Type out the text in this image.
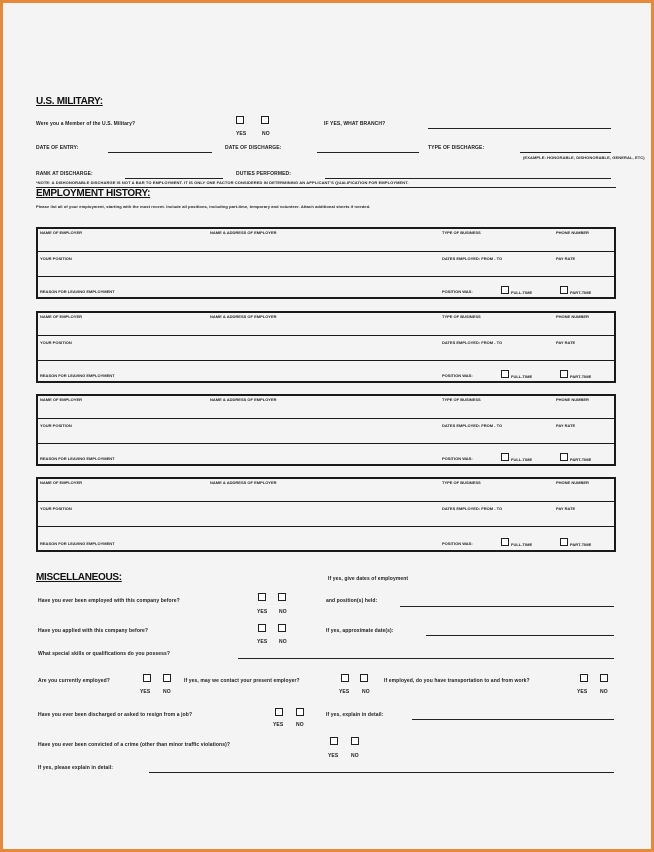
U.S. MILITARY:
Were you a Member of the U.S. Military?
YES	NO
IF YES, WHAT BRANCH?
DATE OF ENTRY:	DATE OF DISCHARGE:	TYPE OF DISCHARGE:
(EXAMPLE: HONORABLE, DISHONORABLE, GENERAL, ETC)
RANK AT DISCHARGE:	DUTIES PERFORMED:
*NOTE: A DISHONORABLE DISCHARGE IS NOT A BAR TO EMPLOYMENT. IT IS ONLY ONE FACTOR CONSIDERED IN DETERMINING AN APPLICANT'S QUALIFICATION FOR EMPLOYMENT.
EMPLOYMENT HISTORY:
Please list all of your employment, starting with the most recent. Include all positions, including part-time, temporary and volunteer. Attach additional sheets if needed.
NAME OF EMPLOYER	NAME & ADDRESS OF EMPLOYER	TYPE OF BUSINESS	PHONE NUMBER
YOUR POSITION	DATES EMPLOYED: FROM - TO	PAY RATE
REASON FOR LEAVING EMPLOYMENT	POSITION WAS:	FULL-TIME	PART-TIME
NAME OF EMPLOYER	NAME & ADDRESS OF EMPLOYER	TYPE OF BUSINESS	PHONE NUMBER
YOUR POSITION	DATES EMPLOYED: FROM - TO	PAY RATE
REASON FOR LEAVING EMPLOYMENT	POSITION WAS:	FULL-TIME	PART-TIME
NAME OF EMPLOYER	NAME & ADDRESS OF EMPLOYER	TYPE OF BUSINESS	PHONE NUMBER
YOUR POSITION	DATES EMPLOYED: FROM - TO	PAY RATE
REASON FOR LEAVING EMPLOYMENT	POSITION WAS:	FULL-TIME	PART-TIME
NAME OF EMPLOYER	NAME & ADDRESS OF EMPLOYER	TYPE OF BUSINESS	PHONE NUMBER
YOUR POSITION	DATES EMPLOYED: FROM - TO	PAY RATE
REASON FOR LEAVING EMPLOYMENT	POSITION WAS:	FULL-TIME	PART-TIME
MISCELLANEOUS:	If yes, give dates of employment
Have you ever been employed with this company before?
YES NO
and position(s) held:
Have you applied with this company before?
YES NO
If yes, approximate date(s):
What special skills or qualifications do you possess?
Are you currently employed?
YES	NO
If yes, may we contact your present employer?
YES	NO
If employed, do you have transportation to and from work?
YES	NO
Have you ever been discharged or asked to resign from a job?
YES	NO
If yes, explain in detail:
Have you ever been convicted of a crime (other than minor traffic violations)?
YES	NO
If yes, please explain in detail:
